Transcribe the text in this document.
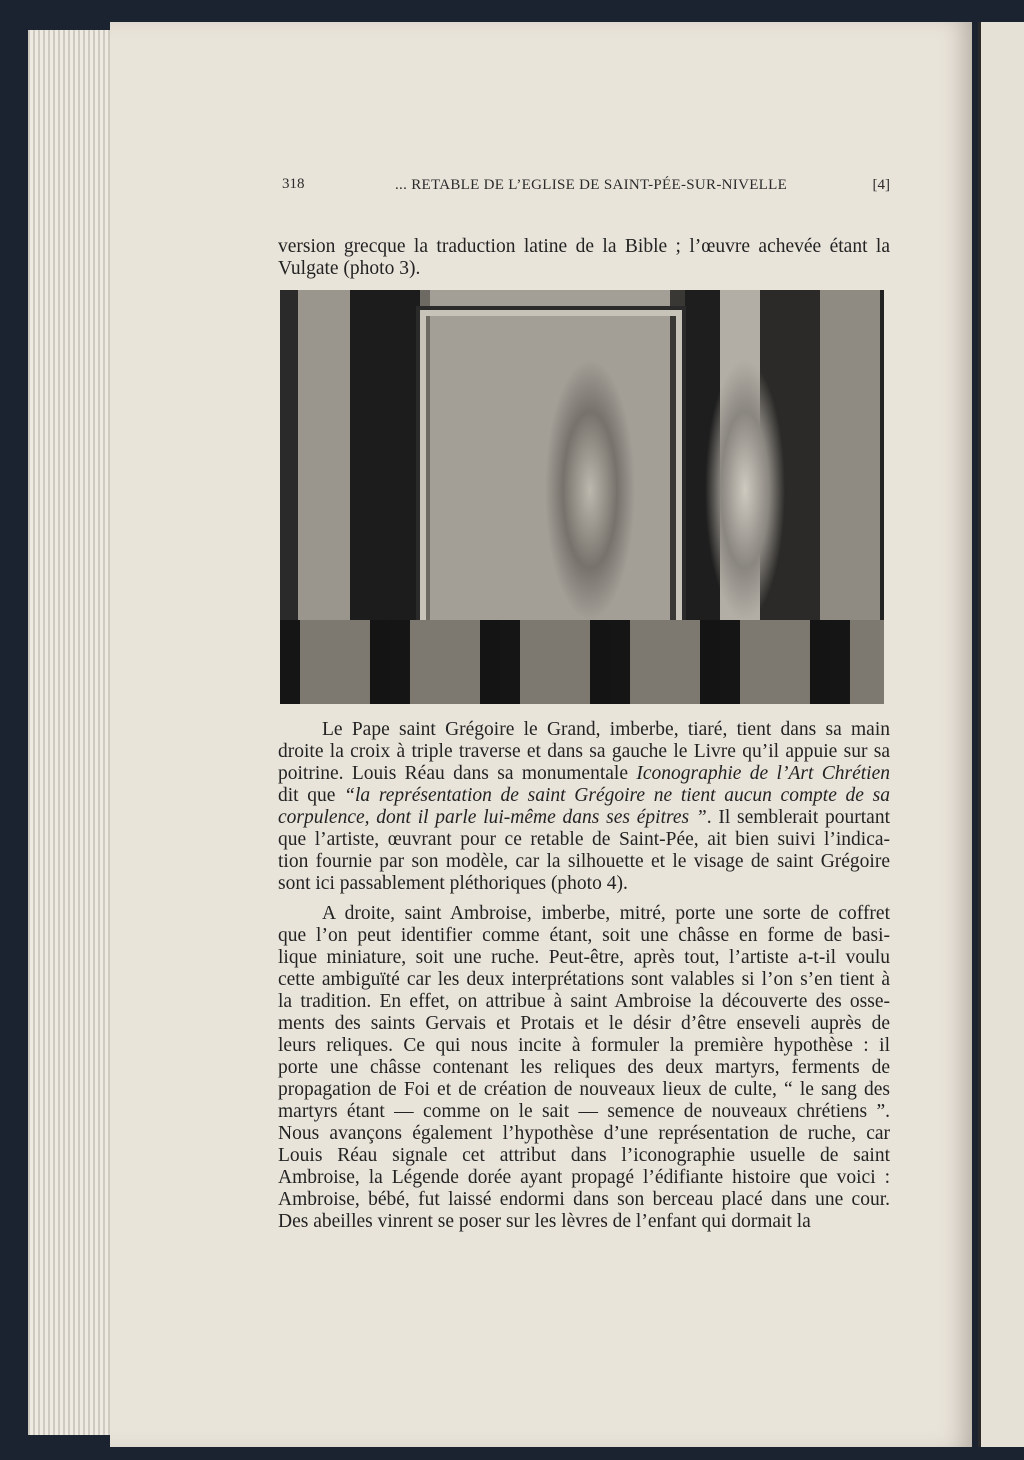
318	... RETABLE DE L’EGLISE DE SAINT-PÉE-SUR-NIVELLE	[4]
version grecque la traduction latine de la Bible ; l’œuvre achevée étant la
Vulgate (photo 3).
Le Pape saint Grégoire le Grand, imberbe, tiaré, tient dans sa main
droite la croix à triple traverse et dans sa gauche le Livre qu’il appuie sur sa
poitrine. Louis Réau dans sa monumentale Iconographie de l’Art Chrétien
dit que “la représentation de saint Grégoire ne tient aucun compte de sa
corpulence, dont il parle lui-même dans ses épitres ”. Il semblerait pourtant
que l’artiste, œuvrant pour ce retable de Saint-Pée, ait bien suivi l’indica-
tion fournie par son modèle, car la silhouette et le visage de saint Grégoire
sont ici passablement pléthoriques (photo 4).
A droite, saint Ambroise, imberbe, mitré, porte une sorte de coffret
que l’on peut identifier comme étant, soit une châsse en forme de basi-
lique miniature, soit une ruche. Peut-être, après tout, l’artiste a-t-il voulu
cette ambiguïté car les deux interprétations sont valables si l’on s’en tient à
la tradition. En effet, on attribue à saint Ambroise la découverte des osse-
ments des saints Gervais et Protais et le désir d’être enseveli auprès de
leurs reliques. Ce qui nous incite à formuler la première hypothèse : il
porte une châsse contenant les reliques des deux martyrs, ferments de
propagation de Foi et de création de nouveaux lieux de culte, “ le sang des
martyrs étant — comme on le sait — semence de nouveaux chrétiens ”.
Nous avançons également l’hypothèse d’une représentation de ruche, car
Louis Réau signale cet attribut dans l’iconographie usuelle de saint
Ambroise, la Légende dorée ayant propagé l’édifiante histoire que voici :
Ambroise, bébé, fut laissé endormi dans son berceau placé dans une cour.
Des abeilles vinrent se poser sur les lèvres de l’enfant qui dormait la
